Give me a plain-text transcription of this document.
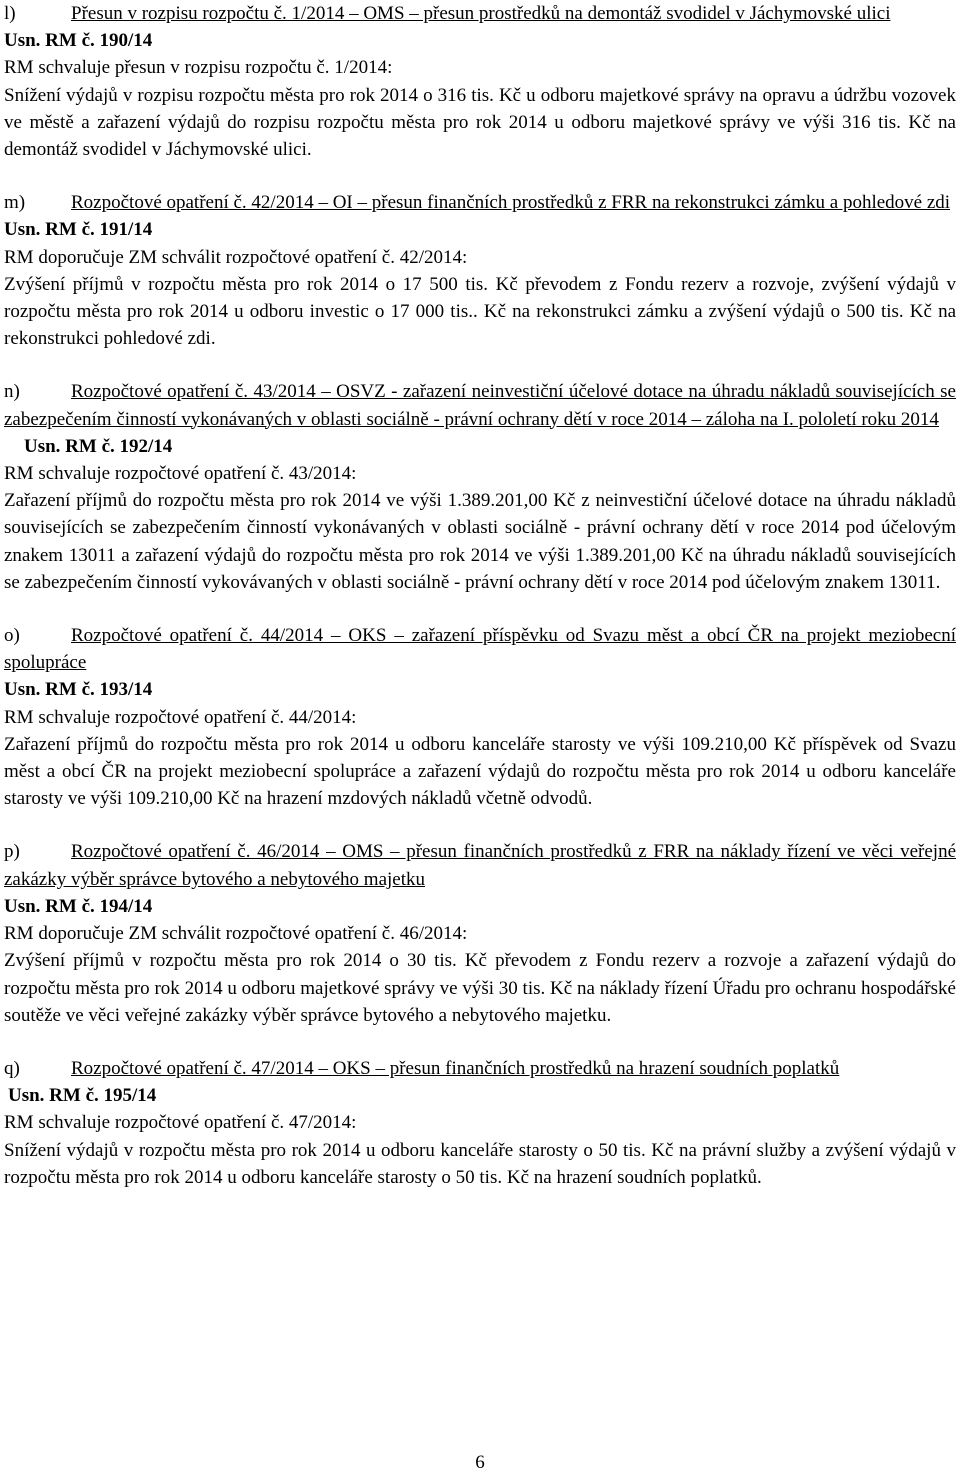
l)	Přesun v rozpisu rozpočtu č. 1/2014 – OMS – přesun prostředků na demontáž svodidel v Jáchymovské ulici

Usn. RM č. 190/14

RM schvaluje přesun v rozpisu rozpočtu č. 1/2014:

Snížení výdajů v rozpisu rozpočtu města pro rok 2014 o 316 tis. Kč u odboru majetkové správy na opravu a údržbu vozovek ve městě a zařazení výdajů do rozpisu rozpočtu města pro rok 2014 u odboru majetkové správy ve výši 316 tis. Kč na demontáž svodidel v Jáchymovské ulici.

m) Rozpočtové opatření č. 42/2014 – OI – přesun finančních prostředků z FRR na rekonstrukci zámku a pohledové zdi

Usn. RM č. 191/14

RM doporučuje ZM schválit rozpočtové opatření č. 42/2014:

Zvýšení příjmů v rozpočtu města pro rok 2014 o 17 500 tis. Kč převodem z Fondu rezerv a rozvoje, zvýšení výdajů v rozpočtu města pro rok 2014 u odboru investic o 17 000 tis.. Kč na rekonstrukci zámku a zvýšení výdajů o 500 tis. Kč na rekonstrukci pohledové zdi.

n)	Rozpočtové opatření č. 43/2014 – OSVZ - zařazení neinvestiční účelové dotace na úhradu nákladů souvisejících se zabezpečením činností vykonávaných v oblasti sociálně - právní ochrany dětí v roce 2014 – záloha na I. pololetí roku 2014

Usn. RM č. 192/14

RM schvaluje rozpočtové opatření č. 43/2014:

Zařazení příjmů do rozpočtu města pro rok 2014 ve výši 1.389.201,00 Kč z neinvestiční účelové dotace na úhradu nákladů souvisejících se zabezpečením činností vykonávaných v oblasti sociálně - právní ochrany dětí v roce 2014 pod účelovým znakem 13011 a zařazení výdajů do rozpočtu města pro rok 2014 ve výši 1.389.201,00 Kč na úhradu nákladů souvisejících se zabezpečením činností vykovávaných v oblasti sociálně - právní ochrany dětí v roce 2014 pod účelovým znakem 13011.

o)	Rozpočtové opatření č. 44/2014 – OKS – zařazení příspěvku od Svazu měst a obcí ČR na projekt meziobecní spolupráce

Usn. RM č. 193/14

RM schvaluje rozpočtové opatření č. 44/2014:

Zařazení příjmů do rozpočtu města pro rok 2014 u odboru kanceláře starosty ve výši 109.210,00 Kč příspěvek od Svazu měst a obcí ČR na projekt meziobecní spolupráce a zařazení výdajů do rozpočtu města pro rok 2014 u odboru kanceláře starosty ve výši 109.210,00 Kč na hrazení mzdových nákladů včetně odvodů.

p)	Rozpočtové opatření č. 46/2014 – OMS – přesun finančních prostředků z FRR na náklady řízení ve věci veřejné zakázky výběr správce bytového a nebytového majetku

Usn. RM č. 194/14

RM doporučuje ZM schválit rozpočtové opatření č. 46/2014:

Zvýšení příjmů v rozpočtu města pro rok 2014 o 30 tis. Kč převodem z Fondu rezerv a rozvoje a zařazení výdajů do rozpočtu města pro rok 2014 u odboru majetkové správy ve výši 30 tis. Kč na náklady řízení Úřadu pro ochranu hospodářské soutěže ve věci veřejné zakázky výběr správce bytového a nebytového majetku.

q)	Rozpočtové opatření č. 47/2014 – OKS – přesun finančních prostředků na hrazení soudních poplatků

Usn. RM č. 195/14

RM schvaluje rozpočtové opatření č. 47/2014:

Snížení výdajů v rozpočtu města pro rok 2014 u odboru kanceláře starosty o 50 tis. Kč na právní služby a zvýšení výdajů v rozpočtu města pro rok 2014 u odboru kanceláře starosty o 50 tis. Kč na hrazení soudních poplatků.

6
